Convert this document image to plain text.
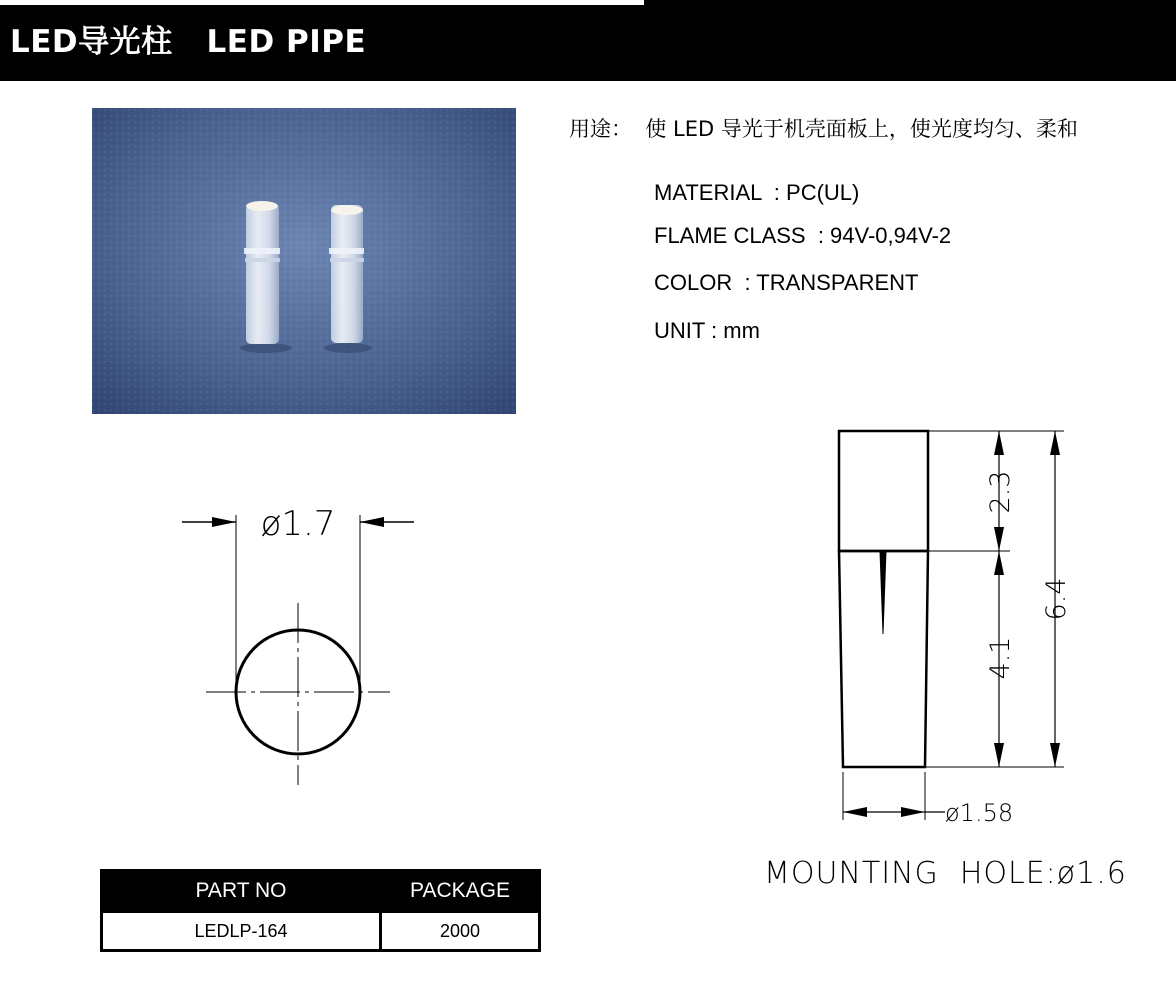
LED导光柱   LED PIPE
用途：  使 LED 导光于机壳面板上，使光度均匀、柔和
MATERIAL  : PC(UL)
FLAME CLASS  : 94V-0,94V-2
COLOR  : TRANSPARENT
UNIT : mm
ø1.7
2.3
4.1
6.4
ø1.58
MOUNTING  HOLE:ø1.6
PART NO	PACKAGE
LEDLP-164	2000
